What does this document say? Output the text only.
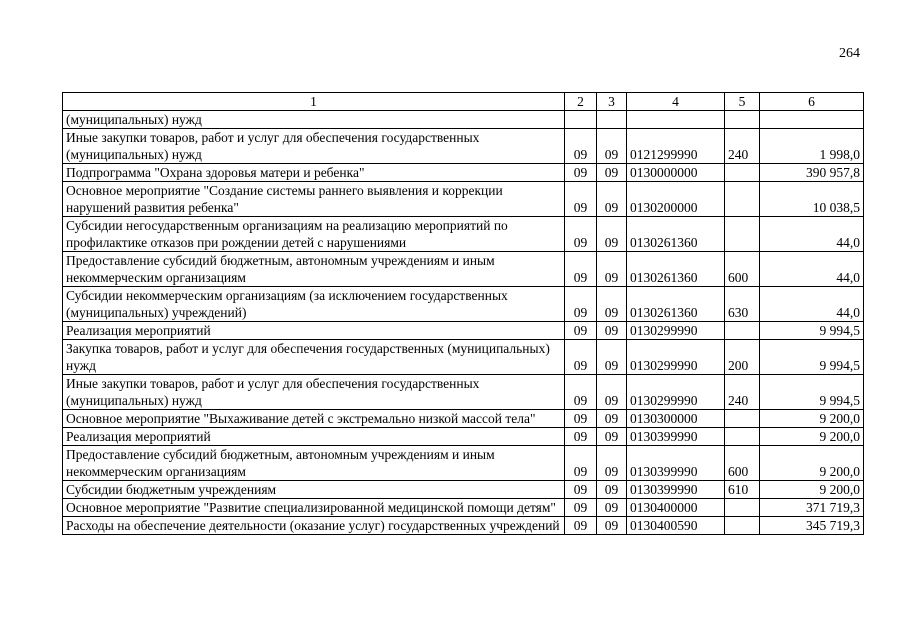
264
1	2	3	4	5	6
(муниципальных) нужд					
Иные закупки товаров, работ и услуг для обеспечения государственных (муниципальных) нужд	09	09	0121299990	240	1 998,0
Подпрограмма "Охрана здоровья матери и ребенка"	09	09	0130000000		390 957,8
Основное мероприятие "Создание системы раннего выявления и коррекции нарушений развития ребенка"	09	09	0130200000		10 038,5
Субсидии негосударственным организациям на реализацию мероприятий по профилактике отказов при рождении детей с нарушениями	09	09	0130261360		44,0
Предоставление субсидий бюджетным, автономным учреждениям и иным некоммерческим организациям	09	09	0130261360	600	44,0
Субсидии некоммерческим организациям (за исключением государственных (муниципальных) учреждений)	09	09	0130261360	630	44,0
Реализация мероприятий	09	09	0130299990		9 994,5
Закупка товаров, работ и услуг для обеспечения государственных (муниципальных) нужд	09	09	0130299990	200	9 994,5
Иные закупки товаров, работ и услуг для обеспечения государственных (муниципальных) нужд	09	09	0130299990	240	9 994,5
Основное мероприятие "Выхаживание детей с экстремально низкой массой тела"	09	09	0130300000		9 200,0
Реализация мероприятий	09	09	0130399990		9 200,0
Предоставление субсидий бюджетным, автономным учреждениям и иным некоммерческим организациям	09	09	0130399990	600	9 200,0
Субсидии бюджетным учреждениям	09	09	0130399990	610	9 200,0
Основное мероприятие "Развитие специализированной медицинской помощи детям"	09	09	0130400000		371 719,3
Расходы на обеспечение деятельности (оказание услуг) государственных учреждений	09	09	0130400590		345 719,3
